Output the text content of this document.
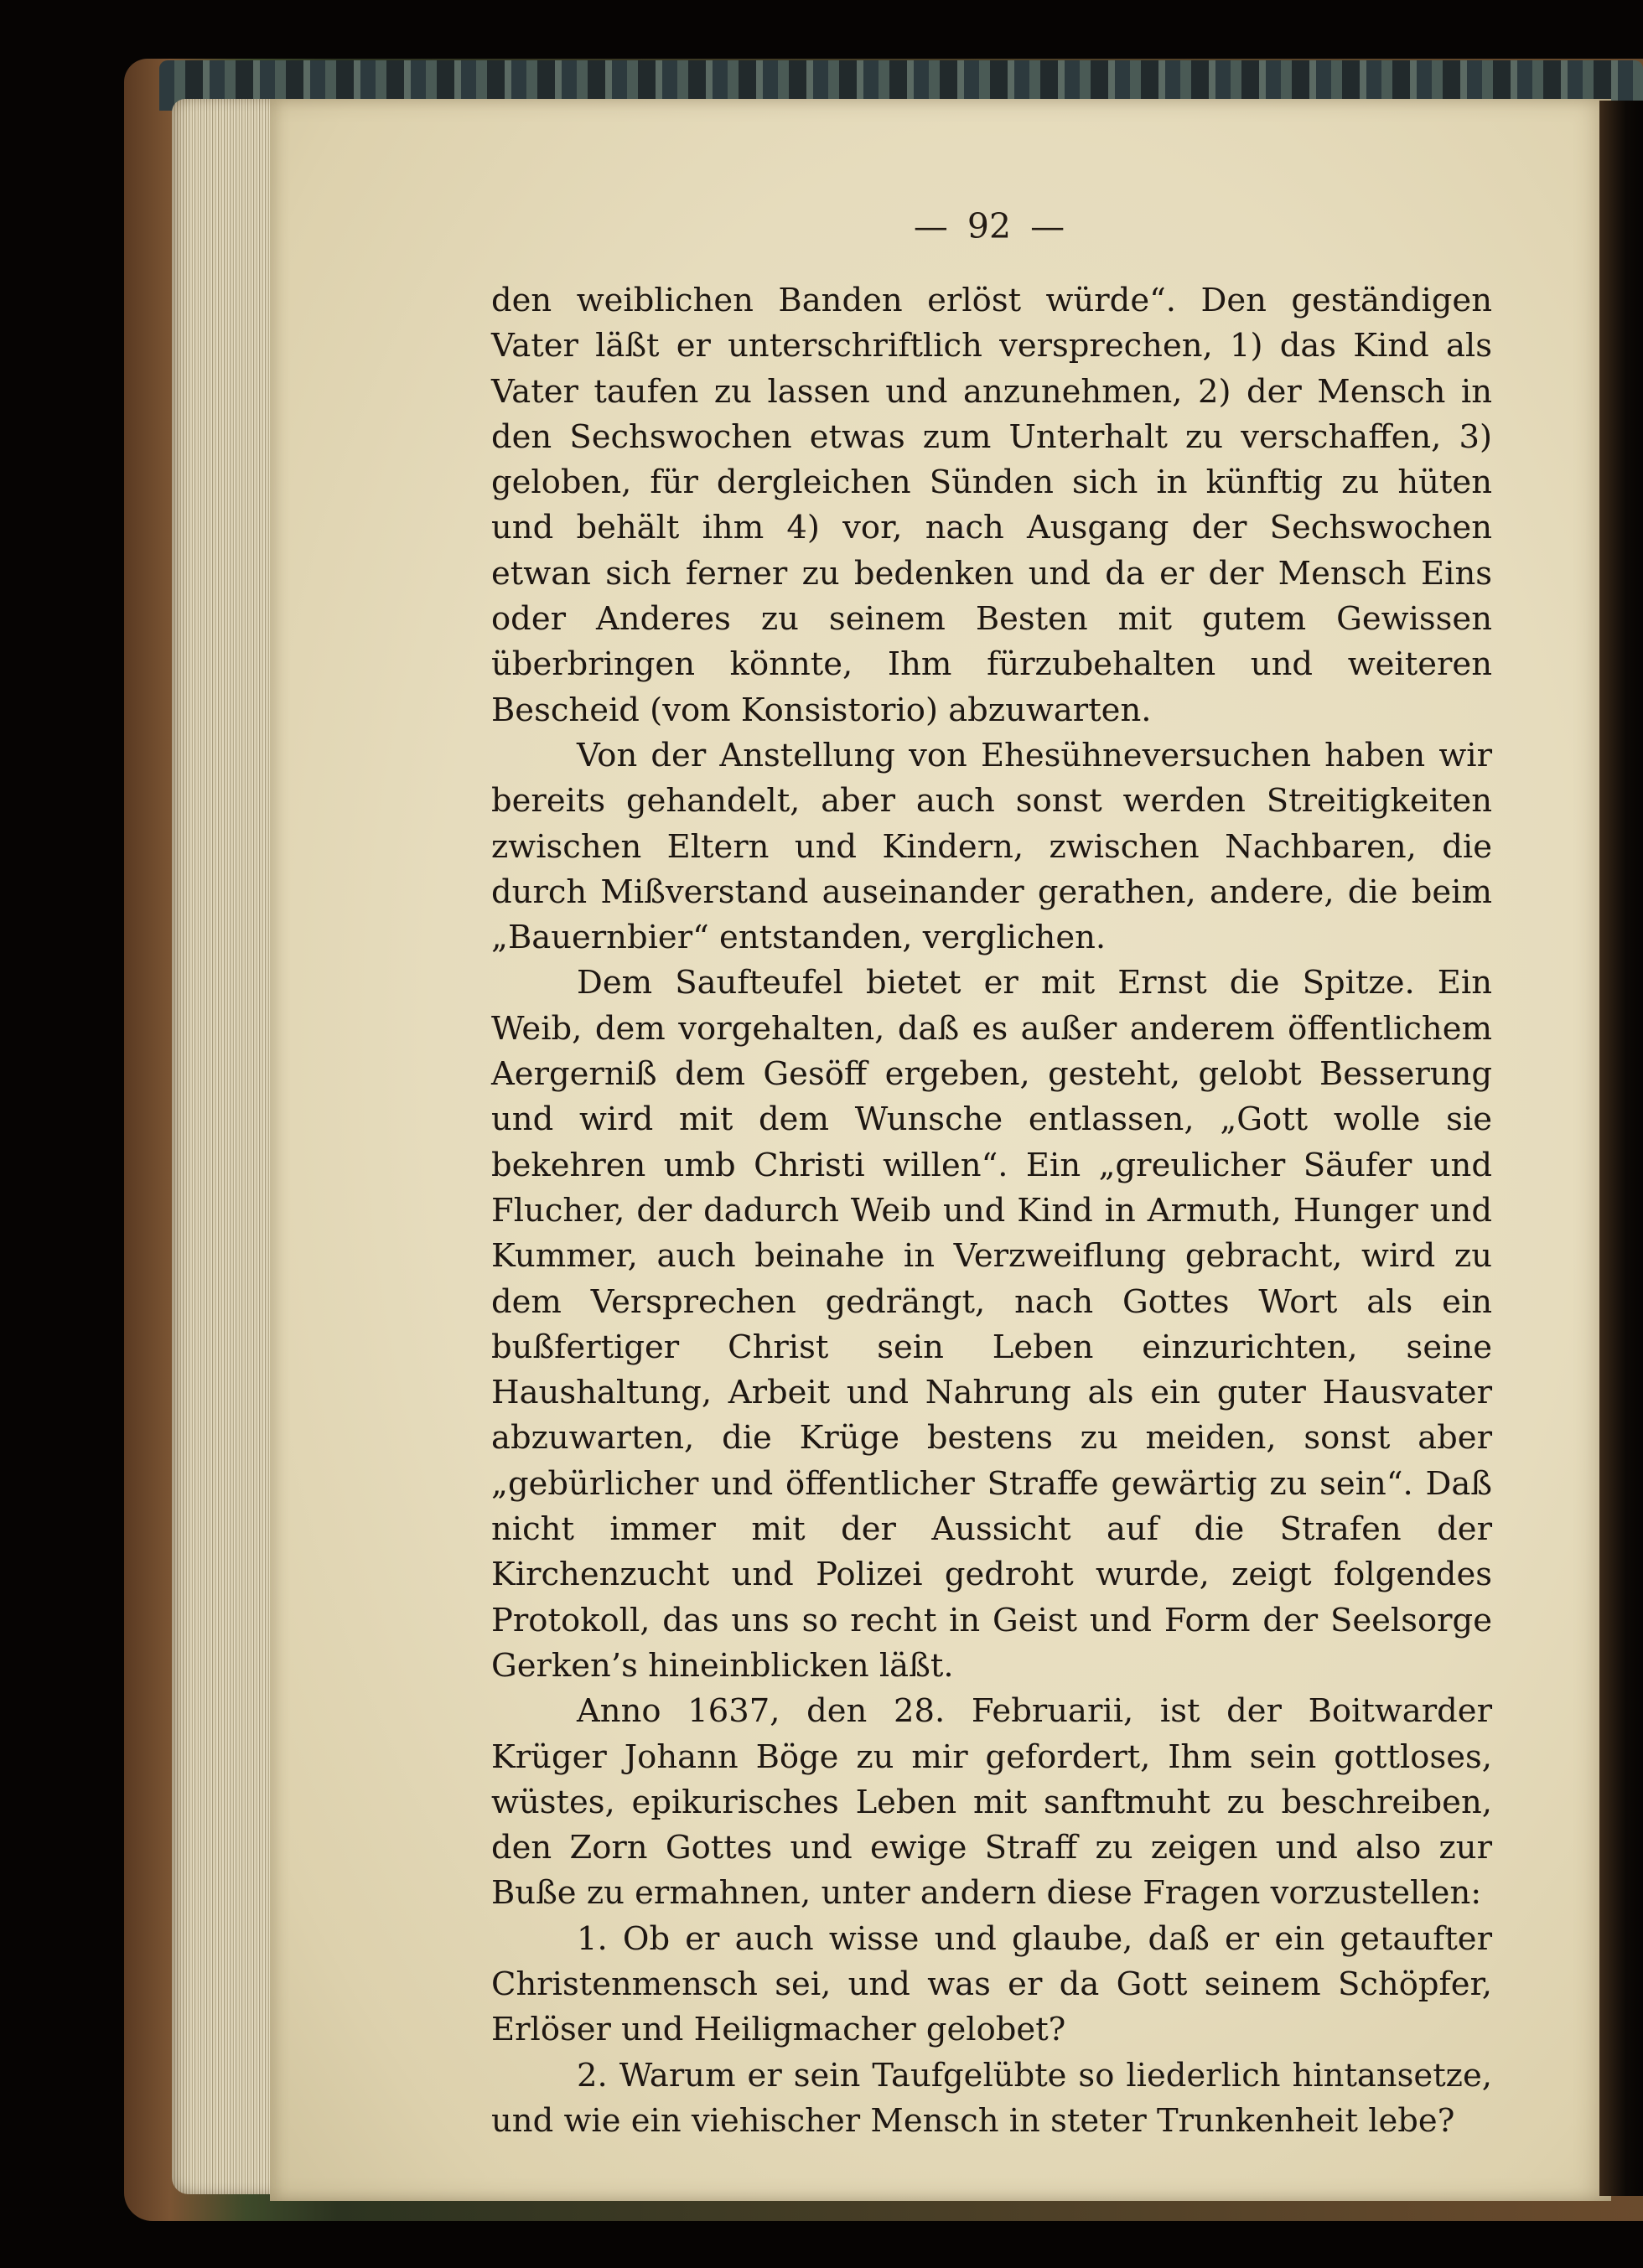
— 92 —

den weiblichen Banden erlöst würde“. Den geständigen Vater läßt er unterschriftlich versprechen, 1) das Kind als Vater taufen zu lassen und anzunehmen, 2) der Mensch in den Sechswochen etwas zum Unterhalt zu verschaffen, 3) geloben, für dergleichen Sünden sich in künftig zu hüten und behält ihm 4) vor, nach Ausgang der Sechswochen etwan sich ferner zu bedenken und da er der Mensch Eins oder Anderes zu seinem Besten mit gutem Gewissen überbringen könnte, Ihm fürzubehalten und weiteren Bescheid (vom Konsistorio) abzuwarten.

Von der Anstellung von Ehesühneversuchen haben wir bereits gehandelt, aber auch sonst werden Streitigkeiten zwischen Eltern und Kindern, zwischen Nachbaren, die durch Mißverstand auseinander gerathen, andere, die beim „Bauernbier“ entstanden, verglichen.

Dem Saufteufel bietet er mit Ernst die Spitze. Ein Weib, dem vorgehalten, daß es außer anderem öffentlichem Aergerniß dem Gesöff ergeben, gesteht, gelobt Besserung und wird mit dem Wunsche entlassen, „Gott wolle sie bekehren umb Christi willen“. Ein „greulicher Säufer und Flucher, der dadurch Weib und Kind in Armuth, Hunger und Kummer, auch beinahe in Verzweiflung gebracht, wird zu dem Versprechen gedrängt, nach Gottes Wort als ein bußfertiger Christ sein Leben einzurichten, seine Haushaltung, Arbeit und Nahrung als ein guter Hausvater abzuwarten, die Krüge bestens zu meiden, sonst aber „gebürlicher und öffentlicher Straffe gewärtig zu sein“. Daß nicht immer mit der Aussicht auf die Strafen der Kirchenzucht und Polizei gedroht wurde, zeigt folgendes Protokoll, das uns so recht in Geist und Form der Seelsorge Gerken’s hineinblicken läßt.

Anno 1637, den 28. Februarii, ist der Boitwarder Krüger Johann Böge zu mir gefordert, Ihm sein gottloses, wüstes, epikurisches Leben mit sanftmuht zu beschreiben, den Zorn Gottes und ewige Straff zu zeigen und also zur Buße zu ermahnen, unter andern diese Fragen vorzustellen:

1. Ob er auch wisse und glaube, daß er ein getaufter Christenmensch sei, und was er da Gott seinem Schöpfer, Erlöser und Heiligmacher gelobet?

2. Warum er sein Taufgelübte so liederlich hintansetze, und wie ein viehischer Mensch in steter Trunkenheit lebe?
